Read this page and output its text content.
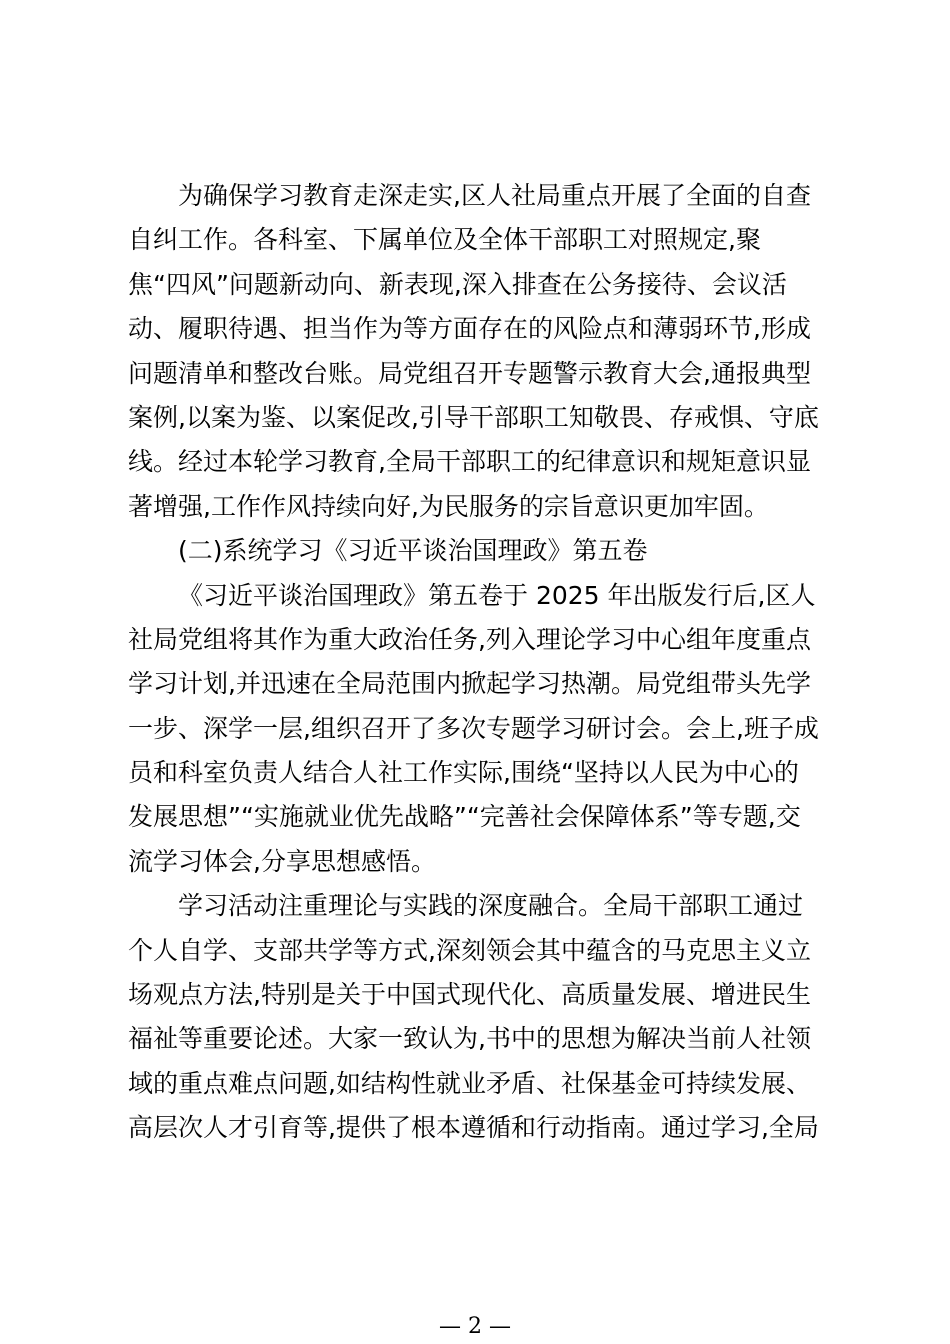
为确保学习教育走深走实,区人社局重点开展了全面的自查
自纠工作。各科室、下属单位及全体干部职工对照规定,聚
焦“四风”问题新动向、新表现,深入排查在公务接待、会议活
动、履职待遇、担当作为等方面存在的风险点和薄弱环节,形成
问题清单和整改台账。局党组召开专题警示教育大会,通报典型
案例,以案为鉴、以案促改,引导干部职工知敬畏、存戒惧、守底
线。经过本轮学习教育,全局干部职工的纪律意识和规矩意识显
著增强,工作作风持续向好,为民服务的宗旨意识更加牢固。
(二)系统学习《习近平谈治国理政》第五卷
《习近平谈治国理政》第五卷于 2025 年出版发行后,区人
社局党组将其作为重大政治任务,列入理论学习中心组年度重点
学习计划,并迅速在全局范围内掀起学习热潮。局党组带头先学
一步、深学一层,组织召开了多次专题学习研讨会。会上,班子成
员和科室负责人结合人社工作实际,围绕“坚持以人民为中心的
发展思想”“实施就业优先战略”“完善社会保障体系”等专题,交
流学习体会,分享思想感悟。
学习活动注重理论与实践的深度融合。全局干部职工通过
个人自学、支部共学等方式,深刻领会其中蕴含的马克思主义立
场观点方法,特别是关于中国式现代化、高质量发展、增进民生
福祉等重要论述。大家一致认为,书中的思想为解决当前人社领
域的重点难点问题,如结构性就业矛盾、社保基金可持续发展、
高层次人才引育等,提供了根本遵循和行动指南。通过学习,全局
— 2 —
